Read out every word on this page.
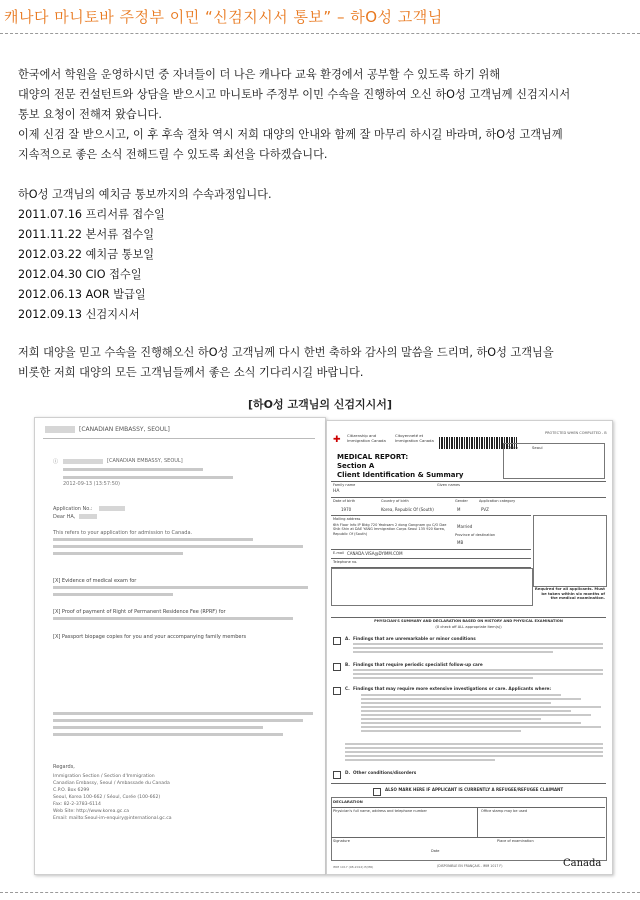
캐나다 마니토바 주정부 이민 “신검지시서 통보” – 하O성 고객님

한국에서 학원을 운영하시던 중 자녀들이 더 나은 캐나다 교육 환경에서 공부할 수 있도록 하기 위해

대양의 전문 컨설턴트와 상담을 받으시고 마니토바 주정부 이민 수속을 진행하여 오신 하O성 고객님께 신검지시서

통보 요청이 전해져 왔습니다.

이제 신검 잘 받으시고, 이 후 후속 절차 역시 저희 대양의 안내와 함께 잘 마무리 하시길 바라며, 하O성 고객님께

지속적으로 좋은 소식 전해드릴 수 있도록 최선을 다하겠습니다.

하O성 고객님의 예치금 통보까지의 수속과정입니다.

2011.07.16 프리서류 접수일

2011.11.22 본서류 접수일

2012.03.22 예치금 통보일

2012.04.30 CIO 접수일

2012.06.13 AOR 발급일

2012.09.13 신검지시서

저희 대양을 믿고 수속을 진행해오신 하O성 고객님께 다시 한번 축하와 감사의 말씀을 드리며, 하O성 고객님을

비롯한 저희 대양의 모든 고객님들께서 좋은 소식 기다리시길 바랍니다.

[하O성 고객님의 신검지시서]
[CANADIAN EMBASSY, SEOUL]
ⓘ	[CANADIAN EMBASSY, SEOUL]
2012-09-13 (13:57:50)
Application No.:
Dear HA,
This refers to your application for admission to Canada.
[X] Evidence of medical exam for
[X] Proof of payment of Right of Permanent Residence Fee (RPRF) for
[X] Passport biopage copies for you and your accompanying family members
Regards,
Immigration Section / Section d'Immigration
Canadian Embassy, Seoul / Ambassade du Canada
C.P.O. Box 6299
Seoul, Korea 100-662 / Séoul, Corée (100-662)
Fax: 82-2-3783-6114
Web Site: http://www.korea.gc.ca
Email: mailto:Seoul-im-enquiry@international.gc.ca
✚ Citizenship and Immigration Canada
Citoyenneté et Immigration Canada
PROTECTED WHEN COMPLETED - B
MEDICAL REPORT:
Section A
Client Identification & Summary
Office	Seoul
Family name
HA
Given names
Date of birth
1970
Country of birth
Korea, Republic Of (South)
Gender
M
Application category
PVZ
Mailing address
6th Floor Info IP Bldg 720 Yeoksam 2 dong Gangnam gu C/O Dae Shik Shin at DAE YANG Immigration Corps Seoul 135 920 Korea, Republic Of (South)
Married
Province of destination
MB
E-mail CANADA.VISA@DYIMM.COM
Telephone no.
Required for all applicants. Must be taken within six months of the medical examination.
PHYSICIAN'S SUMMARY AND DECLARATION BASED ON HISTORY AND PHYSICAL EXAMINATION
(X check off ALL appropriate item(s))
A. Findings that are unremarkable or minor conditions
B. Findings that require periodic specialist follow-up care
C. Findings that may require more extensive investigations or care. Applicants where:
D. Other conditions/disorders
ALSO MARK HERE IF APPLICANT IS CURRENTLY A REFUGEE/REFUGEE CLAIMANT
DECLARATION
Physician's full name, address and telephone number	Office stamp may be used
Signature
Date
Place of examination
IMM 1017 (08-2012) E(MR)	(DISPONIBLE EN FRANÇAIS - IMM 1017 F)	Canada
